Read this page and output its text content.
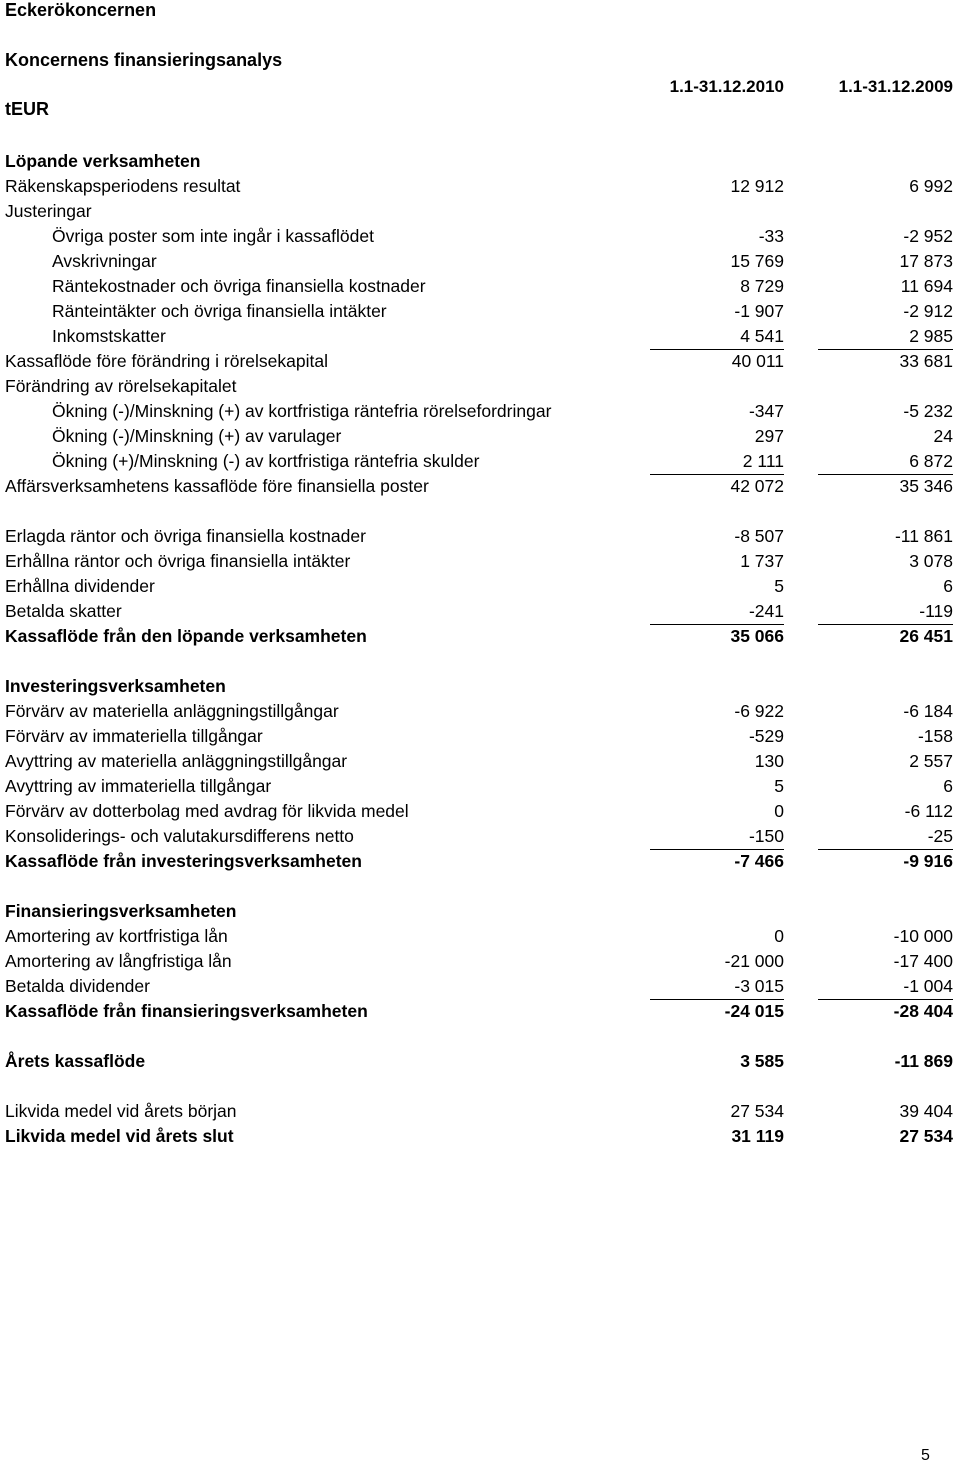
Eckerökoncernen
Koncernens finansieringsanalys
tEUR
1.1-31.12.2010	1.1-31.12.2009
Löpande verksamheten
Räkenskapsperiodens resultat	12 912	6 992
Justeringar
Övriga poster som inte ingår i kassaflödet	-33	-2 952
Avskrivningar	15 769	17 873
Räntekostnader och övriga finansiella kostnader	8 729	11 694
Ränteintäkter och övriga finansiella intäkter	-1 907	-2 912
Inkomstskatter	4 541	2 985
Kassaflöde före förändring i rörelsekapital	40 011	33 681
Förändring av rörelsekapitalet
Ökning (-)/Minskning (+) av kortfristiga räntefria rörelsefordringar	-347	-5 232
Ökning (-)/Minskning (+) av varulager	297	24
Ökning (+)/Minskning (-) av kortfristiga räntefria skulder	2 111	6 872
Affärsverksamhetens kassaflöde före finansiella poster	42 072	35 346
Erlagda räntor och övriga finansiella kostnader	-8 507	-11 861
Erhållna räntor och övriga finansiella intäkter	1 737	3 078
Erhållna dividender	5	6
Betalda skatter	-241	-119
Kassaflöde från den löpande verksamheten	35 066	26 451
Investeringsverksamheten
Förvärv av materiella anläggningstillgångar	-6 922	-6 184
Förvärv av immateriella tillgångar	-529	-158
Avyttring av materiella anläggningstillgångar	130	2 557
Avyttring av immateriella tillgångar	5	6
Förvärv av dotterbolag med avdrag för likvida medel	0	-6 112
Konsoliderings- och valutakursdifferens netto	-150	-25
Kassaflöde från investeringsverksamheten	-7 466	-9 916
Finansieringsverksamheten
Amortering av kortfristiga lån	0	-10 000
Amortering av långfristiga lån	-21 000	-17 400
Betalda dividender	-3 015	-1 004
Kassaflöde från finansieringsverksamheten	-24 015	-28 404
Årets kassaflöde	3 585	-11 869
Likvida medel vid årets början	27 534	39 404
Likvida medel vid årets slut	31 119	27 534
5
